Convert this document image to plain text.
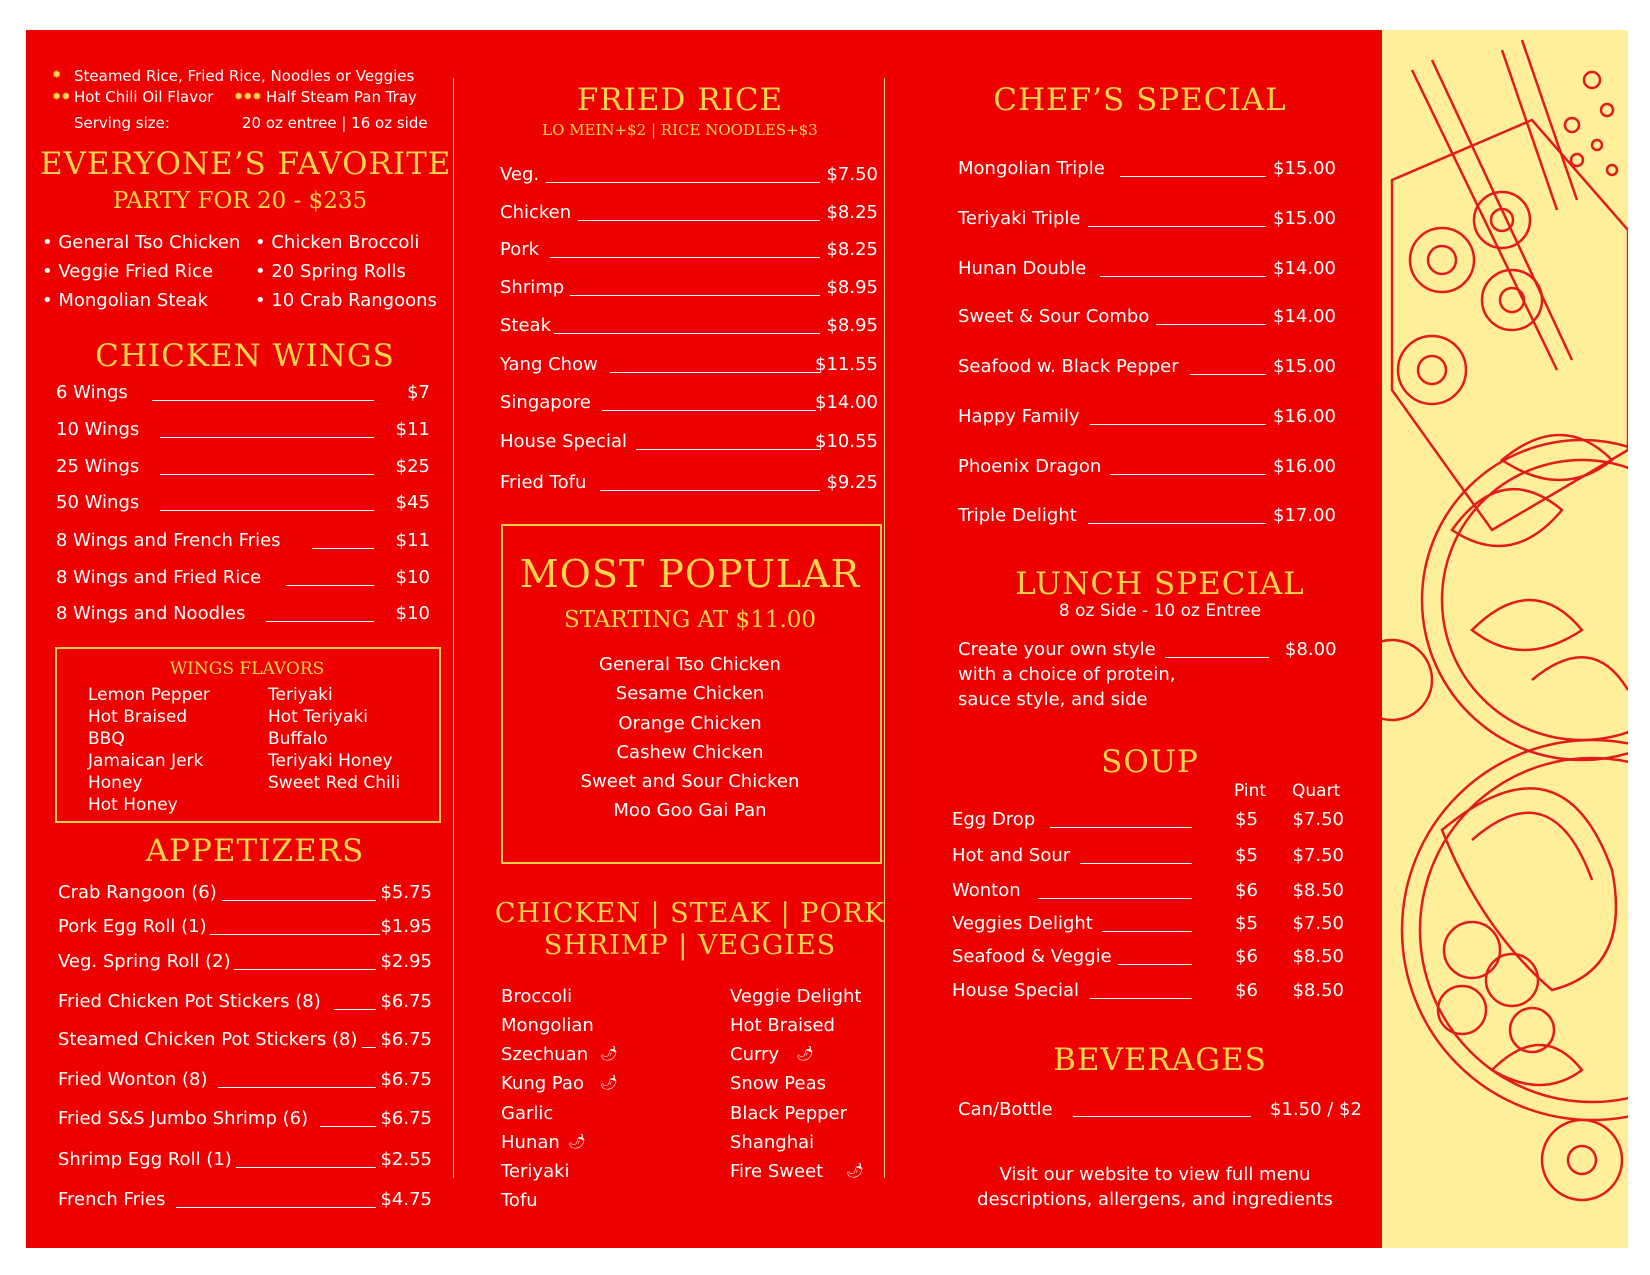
✹ Steamed Rice, Fried Rice, Noodles or Veggies
✹✹ Hot Chili Oil Flavor ✹✹✹ Half Steam Pan Tray
Serving size:	20 oz entree | 16 oz side
EVERYONE’S FAVORITE
PARTY FOR 20 - $235
• General Tso Chicken • Chicken Broccoli
• Veggie Fried Rice • 20 Spring Rolls
• Mongolian Steak	• 10 Crab Rangoons
CHICKEN WINGS
6 Wings	$7
10 Wings	$11
25 Wings	$25
50 Wings	$45
8 Wings and French Fries	$11
8 Wings and Fried Rice	$10
8 Wings and Noodles	$10
WINGS FLAVORS
Lemon Pepper
Hot Braised
BBQ
Jamaican Jerk
Honey
Hot Honey
Teriyaki
Hot Teriyaki
Buffalo
Teriyaki Honey
Sweet Red Chili
APPETIZERS
Crab Rangoon (6)	$5.75
Pork Egg Roll (1)	$1.95
Veg. Spring Roll (2)	$2.95
Fried Chicken Pot Stickers (8)	$6.75
Steamed Chicken Pot Stickers (8) $6.75
Fried Wonton (8)	$6.75
Fried S&S Jumbo Shrimp (6)	$6.75
Shrimp Egg Roll (1)	$2.55
French Fries	$4.75
FRIED RICE
LO MEIN+$2 | RICE NOODLES+$3
Veg.	$7.50
Chicken	$8.25
Pork	$8.25
Shrimp	$8.95
Steak	$8.95
Yang Chow	$11.55
Singapore	$14.00
House Special	$10.55
Fried Tofu	$9.25
MOST POPULAR
STARTING AT $11.00
General Tso Chicken
Sesame Chicken
Orange Chicken
Cashew Chicken
Sweet and Sour Chicken
Moo Goo Gai Pan
CHICKEN | STEAK | PORK
SHRIMP | VEGGIES
Broccoli
Mongolian
Szechuan
Kung Pao
Garlic
Hunan
Teriyaki
Tofu
🌶
🌶
🌶
Veggie Delight
Hot Braised
Curry
Snow Peas
Black Pepper
Shanghai
Fire Sweet
🌶
🌶
CHEF’S SPECIAL
Mongolian Triple	$15.00
Teriyaki Triple	$15.00
Hunan Double	$14.00
Sweet & Sour Combo	$14.00
Seafood w. Black Pepper	$15.00
Happy Family	$16.00
Phoenix Dragon	$16.00
Triple Delight	$17.00
LUNCH SPECIAL
8 oz Side - 10 oz Entree
Create your own style
with a choice of protein,
sauce style, and side
$8.00
SOUP
Pint Quart
Egg Drop	$5 $7.50
Hot and Sour	$5 $7.50
Wonton	$6 $8.50
Veggies Delight	$5 $7.50
Seafood & Veggie	$6 $8.50
House Special	$6 $8.50
BEVERAGES
Can/Bottle	$1.50 / $2
Visit our website to view full menu
descriptions, allergens, and ingredients
